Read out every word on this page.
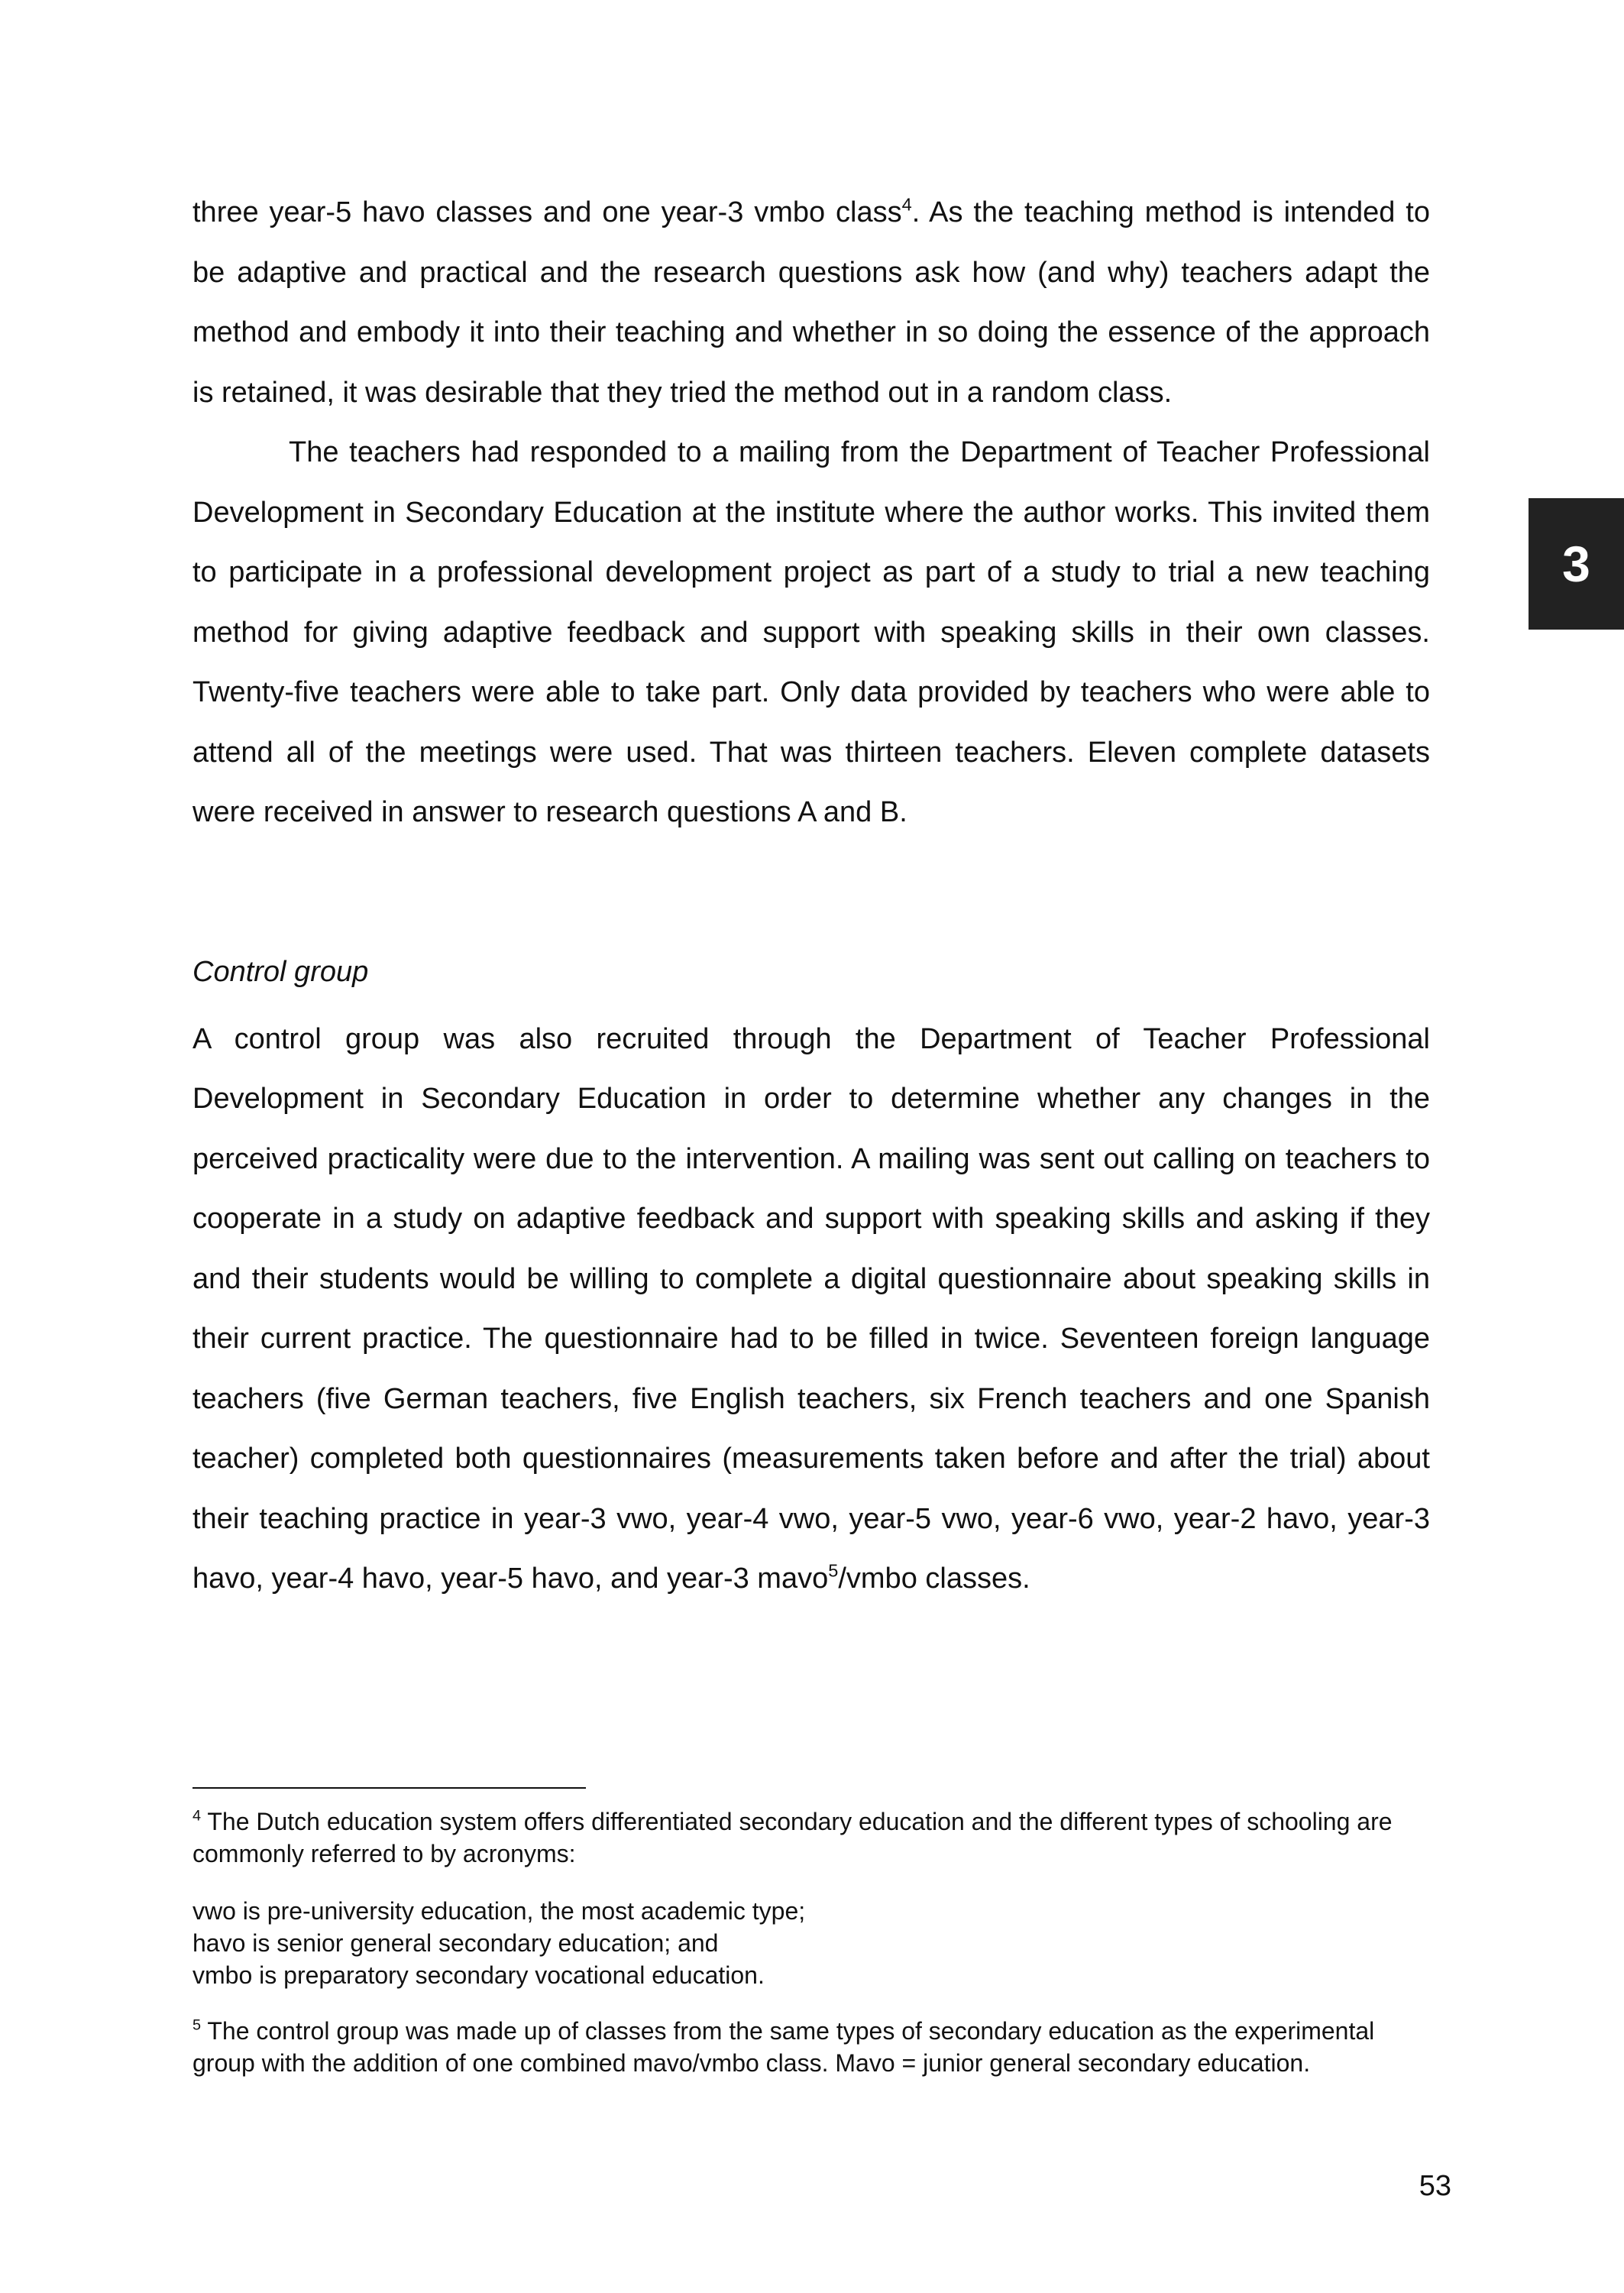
three year-5 havo classes and one year-3 vmbo class$^4$. As the teaching method is intended to be adaptive and practical and the research questions ask how (and why) teachers adapt the method and embody it into their teaching and whether in so doing the essence of the approach is retained, it was desirable that they tried the method out in a random class.

The teachers had responded to a mailing from the Department of Teacher Professional Development in Secondary Education at the institute where the author works. This invited them to participate in a professional development project as part of a study to trial a new teaching method for giving adaptive feedback and support with speaking skills in their own classes. Twenty-five teachers were able to take part. Only data provided by teachers who were able to attend all of the meetings were used. That was thirteen teachers. Eleven complete datasets were received in answer to research questions A and B.

Control group

A control group was also recruited through the Department of Teacher Professional Development in Secondary Education in order to determine whether any changes in the perceived practicality were due to the intervention. A mailing was sent out calling on teachers to cooperate in a study on adaptive feedback and support with speaking skills and asking if they and their students would be willing to complete a digital questionnaire about speaking skills in their current practice. The questionnaire had to be filled in twice. Seventeen foreign language teachers (five German teachers, five English teachers, six French teachers and one Spanish teacher) completed both questionnaires (measurements taken before and after the trial) about their teaching practice in year-3 vwo, year-4 vwo, year-5 vwo, year-6 vwo, year-2 havo, year-3 havo, year-4 havo, year-5 havo, and year-3 mavo$^5$/vmbo classes.

3

$^4$ The Dutch education system offers differentiated secondary education and the different types of schooling are commonly referred to by acronyms:

vwo is pre-university education, the most academic type;

havo is senior general secondary education; and

vmbo is preparatory secondary vocational education.

$^5$ The control group was made up of classes from the same types of secondary education as the experimental group with the addition of one combined mavo/vmbo class. Mavo = junior general secondary education.

53
